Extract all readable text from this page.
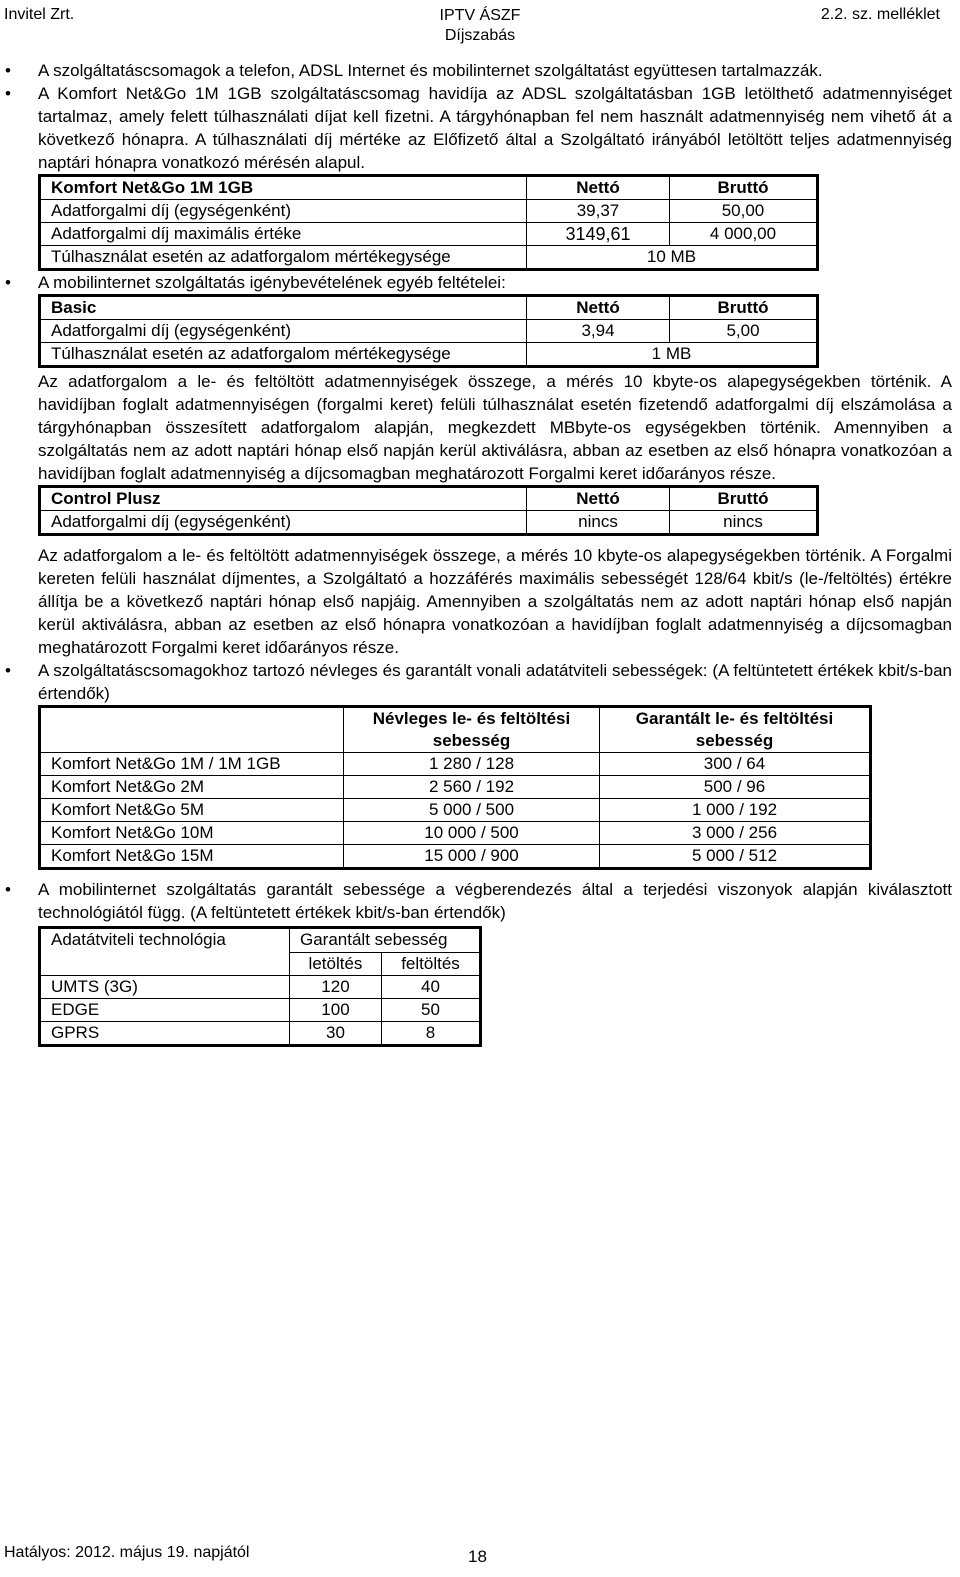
Invitel Zrt.	IPTV ÁSZF
Díjszabás
2.2. sz. melléklet

• A szolgáltatáscsomagok a telefon, ADSL Internet és mobilinternet szolgáltatást együttesen tartalmazzák.

• A Komfort Net&Go 1M 1GB szolgáltatáscsomag havidíja az ADSL szolgáltatásban 1GB letölthető adatmennyiséget tartalmaz, amely felett túlhasználati díjat kell fizetni. A tárgyhónapban fel nem használt adatmennyiség nem vihető át a következő hónapra. A túlhasználati díj mértéke az Előfizető által a Szolgáltató irányából letöltött teljes adatmennyiség naptári hónapra vonatkozó mérésén alapul.

Komfort Net&Go 1M 1GB	Nettó	Bruttó
Adatforgalmi díj (egységenként)	39,37	50,00
Adatforgalmi díj maximális értéke	3149,61	4 000,00
Túlhasználat esetén az adatforgalom mértékegysége	10 MB	

• A mobilinternet szolgáltatás igénybevételének egyéb feltételei:

Basic	Nettó	Bruttó
Adatforgalmi díj (egységenként)	3,94	5,00
Túlhasználat esetén az adatforgalom mértékegysége	1 MB	

Az adatforgalom a le- és feltöltött adatmennyiségek összege, a mérés 10 kbyte-os alapegységekben történik. A havidíjban foglalt adatmennyiségen (forgalmi keret) felüli túlhasználat esetén fizetendő adatforgalmi díj elszámolása a tárgyhónapban összesített adatforgalom alapján, megkezdett MBbyte-os egységekben történik. Amennyiben a szolgáltatás nem az adott naptári hónap első napján kerül aktiválásra, abban az esetben az első hónapra vonatkozóan a havidíjban foglalt adatmennyiség a díjcsomagban meghatározott Forgalmi keret időarányos része.

Control Plusz	Nettó	Bruttó
Adatforgalmi díj (egységenként)	nincs	nincs

Az adatforgalom a le- és feltöltött adatmennyiségek összege, a mérés 10 kbyte-os alapegységekben történik. A Forgalmi kereten felüli használat díjmentes, a Szolgáltató a hozzáférés maximális sebességét 128/64 kbit/s (le-/feltöltés) értékre állítja be a következő naptári hónap első napjáig. Amennyiben a szolgáltatás nem az adott naptári hónap első napján kerül aktiválásra, abban az esetben az első hónapra vonatkozóan a havidíjban foglalt adatmennyiség a díjcsomagban meghatározott Forgalmi keret időarányos része.

• A szolgáltatáscsomagokhoz tartozó névleges és garantált vonali adatátviteli sebességek: (A feltüntetett értékek kbit/s-ban értendők)

	Névleges le- és feltöltési sebesség	Garantált le- és feltöltési sebesség
Komfort Net&Go 1M / 1M 1GB	1 280 / 128	300 / 64
Komfort Net&Go 2M	2 560 / 192	500 / 96
Komfort Net&Go 5M	5 000 / 500	1 000 / 192
Komfort Net&Go 10M	10 000 / 500	3 000 / 256
Komfort Net&Go 15M	15 000 / 900	5 000 / 512

• A mobilinternet szolgáltatás garantált sebessége a végberendezés által a terjedési viszonyok alapján kiválasztott technológiától függ. (A feltüntetett értékek kbit/s-ban értendők)

Adatátviteli technológia	Garantált sebesség	
	letöltés	feltöltés
UMTS (3G)	120	40
EDGE	100	50
GPRS	30	8
Hatályos: 2012. május 19. napjától	18
